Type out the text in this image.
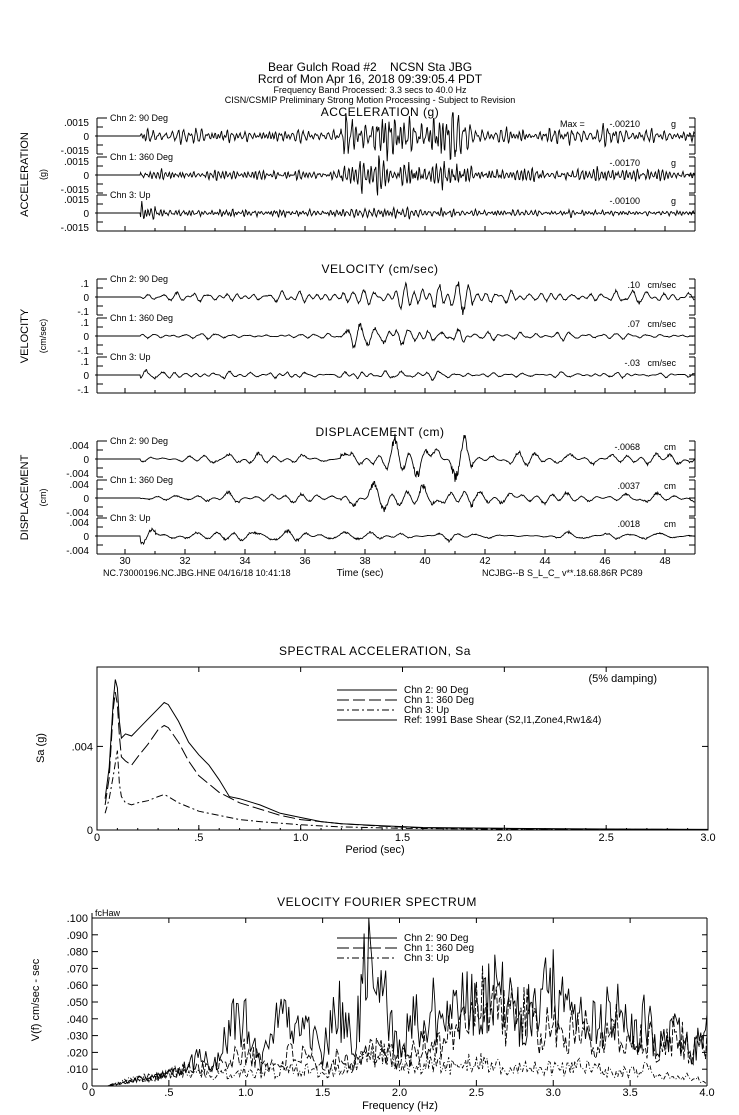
Bear Gulch Road #2    NCSN Sta JBG
Rcrd of Mon Apr 16, 2018 09:39:05.4 PDT
Frequency Band Processed: 3.3 secs to 40.0 Hz
CISN/CSMIP Preliminary Strong Motion Processing - Subject to Revision
ACCELERATION (g)
ACCELERATION (g)
.0015
0
-.0015
Chn 2: 90 Deg
Max =	-.00210	g
.0015
0
-.0015
Chn 1: 360 Deg
-.00170	g
.0015
0
-.0015
Chn 3: Up
-.00100	g
VELOCITY (cm/sec)
VELOCITY (cm/sec)
.1
0
-.1
Chn 2: 90 Deg
.10 cm/sec
.1
0
-.1
Chn 1: 360 Deg
.07 cm/sec
.1
0
-.1
Chn 3: Up
-.03 cm/sec
DISPLACEMENT (cm)
DISPLACEMENT (cm)
.004
0
-.004
Chn 2: 90 Deg
-.0068	cm
.004
0
-.004
Chn 1: 360 Deg
.0037	cm
.004
0
-.004
Chn 3: Up
.0018	cm
30	32	34	36	38	40	42	44	46	48
Time (sec)
NC.73000196.NC.JBG.HNE 04/16/18 10:41:18	NCJBG--B S_L_C_ v**.18.68.86R PC89
SPECTRAL ACCELERATION, Sa
0	.5	1.0	1.5	2.0	2.5	3.0
0
.004
Sa (g)
(5% damping)
Chn 2: 90 Deg
Chn 1: 360 Deg
Chn 3: Up
Ref: 1991 Base Shear (S2,I1,Zone4,Rw1&4)
Period (sec)
VELOCITY FOURIER SPECTRUM
fcHaw
0	.5	1.0	1.5	2.0	2.5	3.0	3.5	4.0
0
.010
.020
.030
.040
.050
.060
.070
.080
.090
.100
V(f) cm/sec - sec
Frequency (Hz)
Chn 2: 90 Deg
Chn 1: 360 Deg
Chn 3: Up
